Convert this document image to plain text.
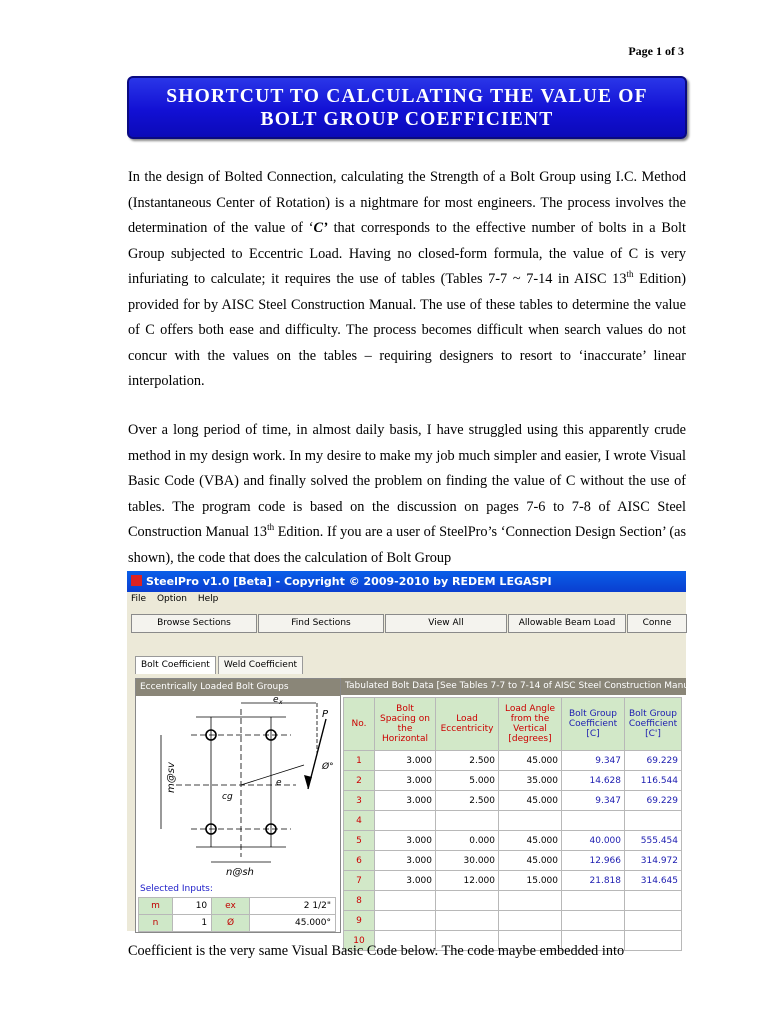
Page 1 of 3
SHORTCUT TO CALCULATING THE VALUE OF
BOLT GROUP COEFFICIENT

In the design of Bolted Connection, calculating the Strength of a Bolt Group using I.C. Method (Instantaneous Center of Rotation) is a nightmare for most engineers. The process involves the determination of the value of ‘C’ that corresponds to the effective number of bolts in a Bolt Group subjected to Eccentric Load. Having no closed-form formula, the value of C is very infuriating to calculate; it requires the use of tables (Tables 7-7 ~ 7-14 in AISC 13th Edition) provided for by AISC Steel Construction Manual. The use of these tables to determine the value of C offers both ease and difficulty. The process becomes difficult when search values do not concur with the values on the tables – requiring designers to resort to ‘inaccurate’ linear interpolation.

Over a long period of time, in almost daily basis, I have struggled using this apparently crude method in my design work. In my desire to make my job much simpler and easier, I wrote Visual Basic Code (VBA) and finally solved the problem on finding the value of C without the use of tables. The program code is based on the discussion on pages 7-6 to 7-8 of AISC Steel Construction Manual 13th Edition. If you are a user of SteelPro’s ‘Connection Design Section’ (as shown), the code that does the calculation of Bolt Group

SteelPro v1.0 [Beta] - Copyright © 2009-2010 by REDEM LEGASPI
File Option Help
Browse Sections	Find Sections	View All	Allowable Beam Load	Conne
Bolt Coefficient	Weld Coefficient
Eccentrically Loaded Bolt Groups
e x
P
Ø°
m@sv
cg
e
n@sh
Selected Inputs:
m	10	ex	2 1/2"
n	1	Ø	45.000°
Tabulated Bolt Data [See Tables 7-7 to 7-14 of AISC Steel Construction Manua
No.	Bolt Spacing on the Horizontal	Load Eccentricity	Load Angle from the Vertical [degrees]	Bolt Group Coefficient [C]	Bolt Group Coefficient [C']
1	3.000	2.500	45.000	9.347	69.229
2	3.000	5.000	35.000	14.628	116.544
3	3.000	2.500	45.000	9.347	69.229
4					
5	3.000	0.000	45.000	40.000	555.454
6	3.000	30.000	45.000	12.966	314.972
7	3.000	12.000	15.000	21.818	314.645
8					
9					
10					
Coefficient is the very same Visual Basic Code below. The code maybe embedded into
